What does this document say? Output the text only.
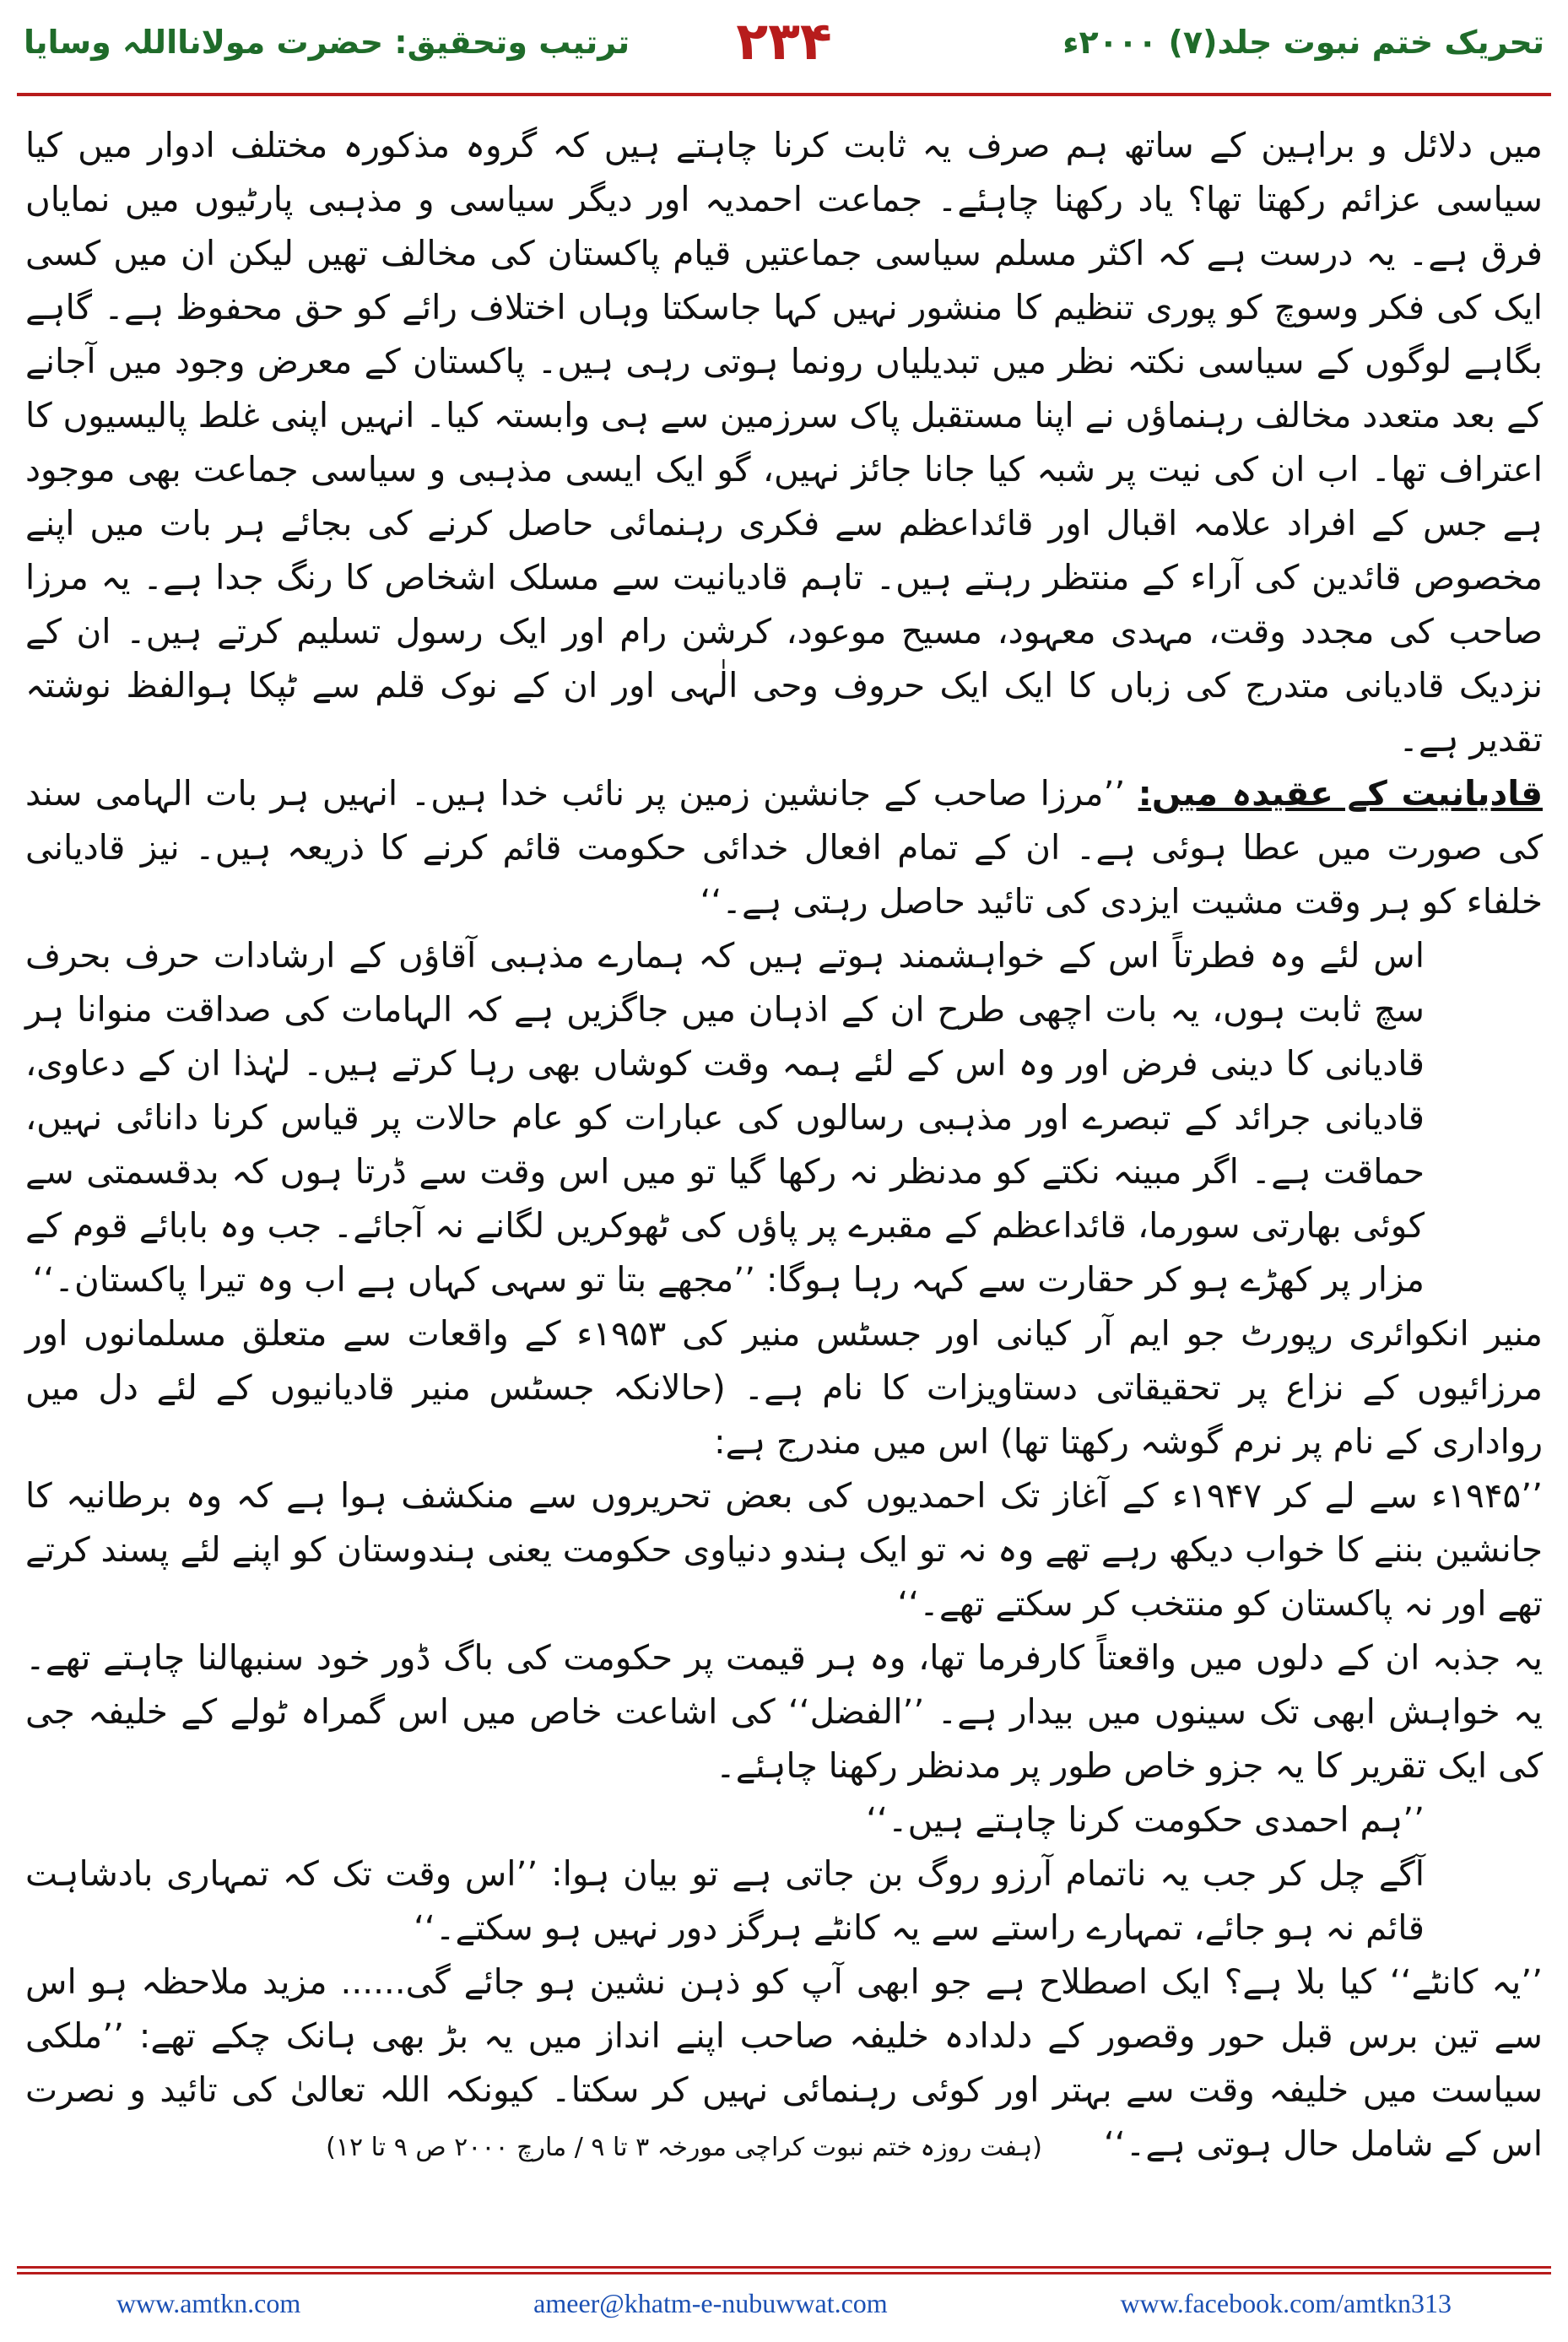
ترتیب وتحقیق: حضرت مولانااللہ وسایا	۲۳۴	تحریک ختم نبوت جلد(۷) ۲۰۰۰ء

میں دلائل و براہین کے ساتھ ہم صرف یہ ثابت کرنا چاہتے ہیں کہ گروہ مذکورہ مختلف ادوار میں کیا سیاسی عزائم رکھتا تھا؟ یاد رکھنا چاہئے۔ جماعت احمدیہ اور دیگر سیاسی و مذہبی پارٹیوں میں نمایاں فرق ہے۔ یہ درست ہے کہ اکثر مسلم سیاسی جماعتیں قیام پاکستان کی مخالف تھیں لیکن ان میں کسی ایک کی فکر وسوچ کو پوری تنظیم کا منشور نہیں کہا جاسکتا وہاں اختلاف رائے کو حق محفوظ ہے۔ گاہے بگاہے لوگوں کے سیاسی نکتہ نظر میں تبدیلیاں رونما ہوتی رہی ہیں۔ پاکستان کے معرض وجود میں آجانے کے بعد متعدد مخالف رہنماؤں نے اپنا مستقبل پاک سرزمین سے ہی وابستہ کیا۔ انہیں اپنی غلط پالیسیوں کا اعتراف تھا۔ اب ان کی نیت پر شبہ کیا جانا جائز نہیں، گو ایک ایسی مذہبی و سیاسی جماعت بھی موجود ہے جس کے افراد علامہ اقبال اور قائداعظم سے فکری رہنمائی حاصل کرنے کی بجائے ہر بات میں اپنے مخصوص قائدین کی آراء کے منتظر رہتے ہیں۔ تاہم قادیانیت سے مسلک اشخاص کا رنگ جدا ہے۔ یہ مرزا صاحب کی مجدد وقت، مہدی معہود، مسیح موعود، کرشن رام اور ایک رسول تسلیم کرتے ہیں۔ ان کے نزدیک قادیانی متدرج کی زباں کا ایک ایک حروف وحی الٰہی اور ان کے نوک قلم سے ٹپکا ہوالفظ نوشتہ تقدیر ہے۔

قادیانیت کے عقیدہ میں: ’’مرزا صاحب کے جانشین زمین پر نائب خدا ہیں۔ انہیں ہر بات الہامی سند کی صورت میں عطا ہوئی ہے۔ ان کے تمام افعال خدائی حکومت قائم کرنے کا ذریعہ ہیں۔ نیز قادیانی خلفاء کو ہر وقت مشیت ایزدی کی تائید حاصل رہتی ہے۔‘‘

اس لئے وہ فطرتاً اس کے خواہشمند ہوتے ہیں کہ ہمارے مذہبی آقاؤں کے ارشادات حرف بحرف سچ ثابت ہوں، یہ بات اچھی طرح ان کے اذہان میں جاگزیں ہے کہ الہامات کی صداقت منوانا ہر قادیانی کا دینی فرض اور وہ اس کے لئے ہمہ وقت کوشاں بھی رہا کرتے ہیں۔ لہٰذا ان کے دعاوی، قادیانی جرائد کے تبصرے اور مذہبی رسالوں کی عبارات کو عام حالات پر قیاس کرنا دانائی نہیں، حماقت ہے۔ اگر مبینہ نکتے کو مدنظر نہ رکھا گیا تو میں اس وقت سے ڈرتا ہوں کہ بدقسمتی سے کوئی بھارتی سورما، قائداعظم کے مقبرے پر پاؤں کی ٹھوکریں لگانے نہ آجائے۔ جب وہ بابائے قوم کے مزار پر کھڑے ہو کر حقارت سے کہہ رہا ہوگا: ’’مجھے بتا تو سہی کہاں ہے اب وہ تیرا پاکستان۔‘‘

منیر انکوائری رپورٹ جو ایم آر کیانی اور جسٹس منیر کی ۱۹۵۳ء کے واقعات سے متعلق مسلمانوں اور مرزائیوں کے نزاع پر تحقیقاتی دستاویزات کا نام ہے۔ (حالانکہ جسٹس منیر قادیانیوں کے لئے دل میں رواداری کے نام پر نرم گوشہ رکھتا تھا) اس میں مندرج ہے:

’’۱۹۴۵ء سے لے کر ۱۹۴۷ء کے آغاز تک احمدیوں کی بعض تحریروں سے منکشف ہوا ہے کہ وہ برطانیہ کا جانشین بننے کا خواب دیکھ رہے تھے وہ نہ تو ایک ہندو دنیاوی حکومت یعنی ہندوستان کو اپنے لئے پسند کرتے تھے اور نہ پاکستان کو منتخب کر سکتے تھے۔‘‘

یہ جذبہ ان کے دلوں میں واقعتاً کارفرما تھا، وہ ہر قیمت پر حکومت کی باگ ڈور خود سنبھالنا چاہتے تھے۔ یہ خواہش ابھی تک سینوں میں بیدار ہے۔ ’’الفضل‘‘ کی اشاعت خاص میں اس گمراہ ٹولے کے خلیفہ جی کی ایک تقریر کا یہ جزو خاص طور پر مدنظر رکھنا چاہئے۔

’’ہم احمدی حکومت کرنا چاہتے ہیں۔‘‘

آگے چل کر جب یہ ناتمام آرزو روگ بن جاتی ہے تو بیان ہوا: ’’اس وقت تک کہ تمہاری بادشاہت قائم نہ ہو جائے، تمہارے راستے سے یہ کانٹے ہرگز دور نہیں ہو سکتے۔‘‘

’’یہ کانٹے‘‘ کیا بلا ہے؟ ایک اصطلاح ہے جو ابھی آپ کو ذہن نشین ہو جائے گی...... مزید ملاحظہ ہو اس سے تین برس قبل حور وقصور کے دلدادہ خلیفہ صاحب اپنے انداز میں یہ بڑ بھی ہانک چکے تھے: ’’ملکی سیاست میں خلیفہ وقت سے بہتر اور کوئی رہنمائی نہیں کر سکتا۔ کیونکہ اللہ تعالیٰ کی تائید و نصرت اس کے شامل حال ہوتی ہے۔‘‘ (ہفت روزہ ختم نبوت کراچی مورخہ ۳ تا ۹ / مارچ ۲۰۰۰ ص ۹ تا ۱۲)

www.amtkn.com	ameer@khatm-e-nubuwwat.com	www.facebook.com/amtkn313
